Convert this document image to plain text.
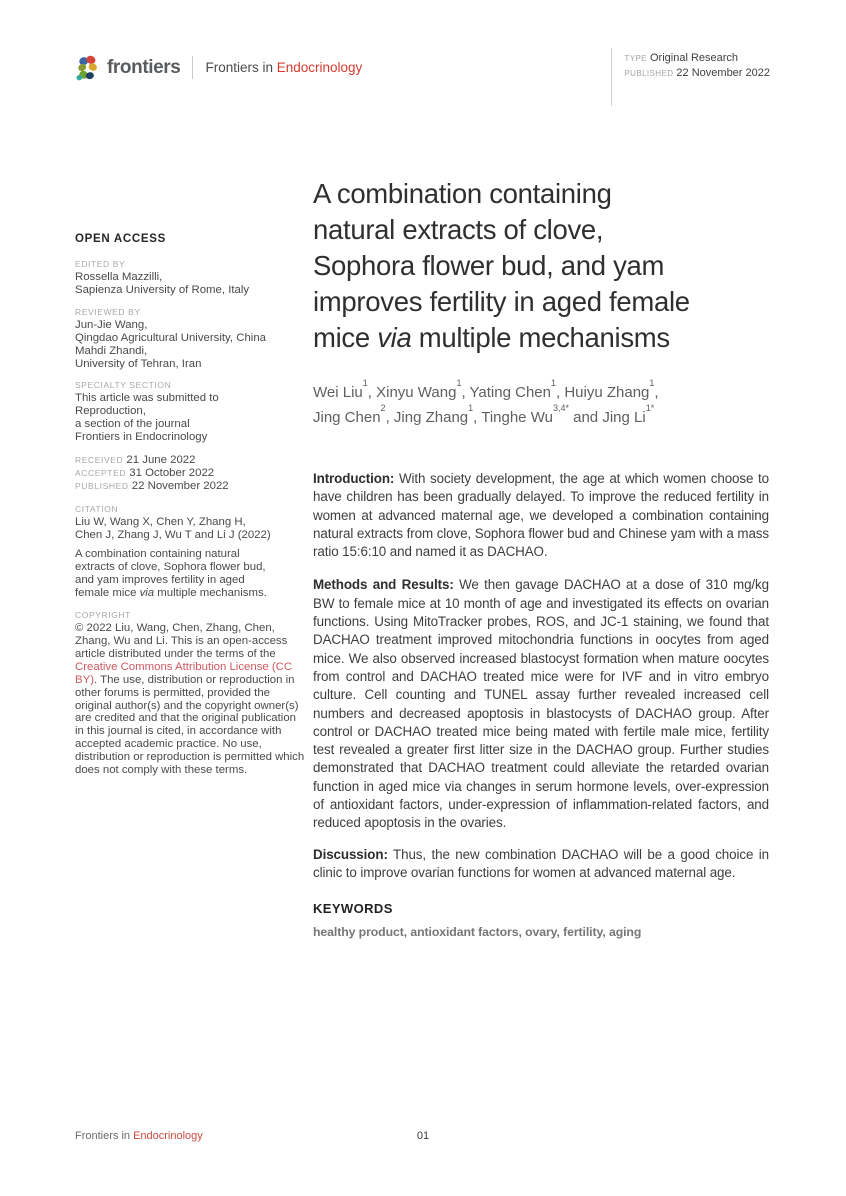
frontiers Frontiers in Endocrinology
TYPE Original Research
PUBLISHED 22 November 2022
OPEN ACCESS
EDITED BY
Rossella Mazzilli,
Sapienza University of Rome, Italy
REVIEWED BY
Jun-Jie Wang,
Qingdao Agricultural University, China
Mahdi Zhandi,
University of Tehran, Iran
SPECIALTY SECTION
This article was submitted to
Reproduction,
a section of the journal
Frontiers in Endocrinology
RECEIVED 21 June 2022
ACCEPTED 31 October 2022
PUBLISHED 22 November 2022
CITATION
Liu W, Wang X, Chen Y, Zhang H,
Chen J, Zhang J, Wu T and Li J (2022)
A combination containing natural
extracts of clove, Sophora flower bud,
and yam improves fertility in aged
female mice via multiple mechanisms.
COPYRIGHT
© 2022 Liu, Wang, Chen, Zhang, Chen, Zhang, Wu and Li. This is an open-access article distributed under the terms of the Creative Commons Attribution License (CC BY). The use, distribution or reproduction in other forums is permitted, provided the original author(s) and the copyright owner(s) are credited and that the original publication in this journal is cited, in accordance with accepted academic practice. No use, distribution or reproduction is permitted which does not comply with these terms.
A combination containing
natural extracts of clove,
Sophora flower bud, and yam
improves fertility in aged female
mice via multiple mechanisms
Wei Liu$^1$, Xinyu Wang$^1$, Yating Chen$^1$, Huiyu Zhang$^1$,
Jing Chen$^2$, Jing Zhang$^1$, Tinghe $Wu^{3,4*}$ and Jing $Li^{1*}$
Introduction: With society development, the age at which women choose to have children has been gradually delayed. To improve the reduced fertility in women at advanced maternal age, we developed a combination containing natural extracts from clove, Sophora flower bud and Chinese yam with a mass ratio 15:6:10 and named it as DACHAO.
Methods and Results: We then gavage DACHAO at a dose of 310 mg/kg BW to female mice at 10 month of age and investigated its effects on ovarian functions. Using MitoTracker probes, ROS, and JC-1 staining, we found that DACHAO treatment improved mitochondria functions in oocytes from aged mice. We also observed increased blastocyst formation when mature oocytes from control and DACHAO treated mice were for IVF and in vitro embryo culture. Cell counting and TUNEL assay further revealed increased cell numbers and decreased apoptosis in blastocysts of DACHAO group. After control or DACHAO treated mice being mated with fertile male mice, fertility test revealed a greater first litter size in the DACHAO group. Further studies demonstrated that DACHAO treatment could alleviate the retarded ovarian function in aged mice via changes in serum hormone levels, over-expression of antioxidant factors, under-expression of inflammation-related factors, and reduced apoptosis in the ovaries.
Discussion: Thus, the new combination DACHAO will be a good choice in clinic to improve ovarian functions for women at advanced maternal age.
KEYWORDS
healthy product, antioxidant factors, ovary, fertility, aging
Frontiers in Endocrinology	01
